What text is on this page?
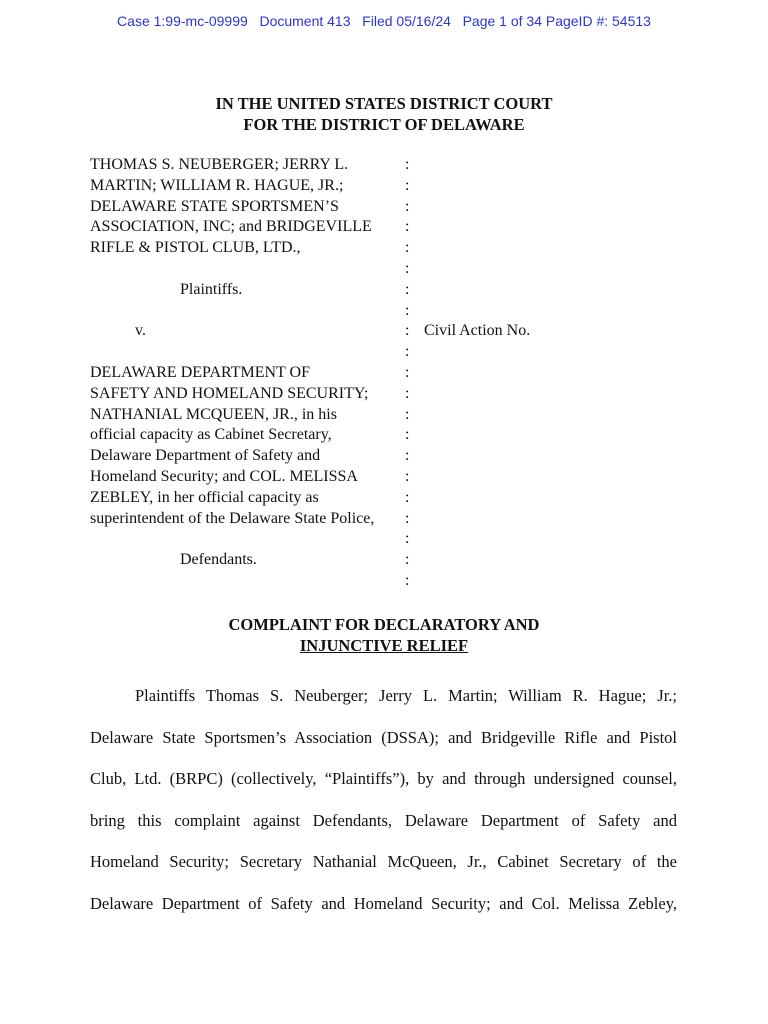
Case 1:99-mc-09999   Document 413   Filed 05/16/24   Page 1 of 34 PageID #: 54513
IN THE UNITED STATES DISTRICT COURT
FOR THE DISTRICT OF DELAWARE
THOMAS S. NEUBERGER; JERRY L.	:
MARTIN; WILLIAM R. HAGUE, JR.;	:
DELAWARE STATE SPORTSMEN’S	:
ASSOCIATION, INC; and BRIDGEVILLE :
RIFLE & PISTOL CLUB, LTD.,	:
:
Plaintiffs.	:
:
v.	: Civil Action No.
:
DELAWARE DEPARTMENT OF	:
SAFETY AND HOMELAND SECURITY; :
NATHANIAL MCQUEEN, JR., in his	:
official capacity as Cabinet Secretary,	:
Delaware Department of Safety and	:
Homeland Security; and COL. MELISSA	:
ZEBLEY, in her official capacity as	:
superintendent of the Delaware State Police, :
:
Defendants.	:
:
COMPLAINT FOR DECLARATORY AND
INJUNCTIVE RELIEF
Plaintiffs Thomas S. Neuberger; Jerry L. Martin; William R. Hague; Jr.;
Delaware State Sportsmen’s Association (DSSA); and Bridgeville Rifle and Pistol
Club, Ltd. (BRPC) (collectively, “Plaintiffs”), by and through undersigned counsel,
bring this complaint against Defendants, Delaware Department of Safety and
Homeland Security; Secretary Nathanial McQueen, Jr., Cabinet Secretary of the
Delaware Department of Safety and Homeland Security; and Col. Melissa Zebley,
